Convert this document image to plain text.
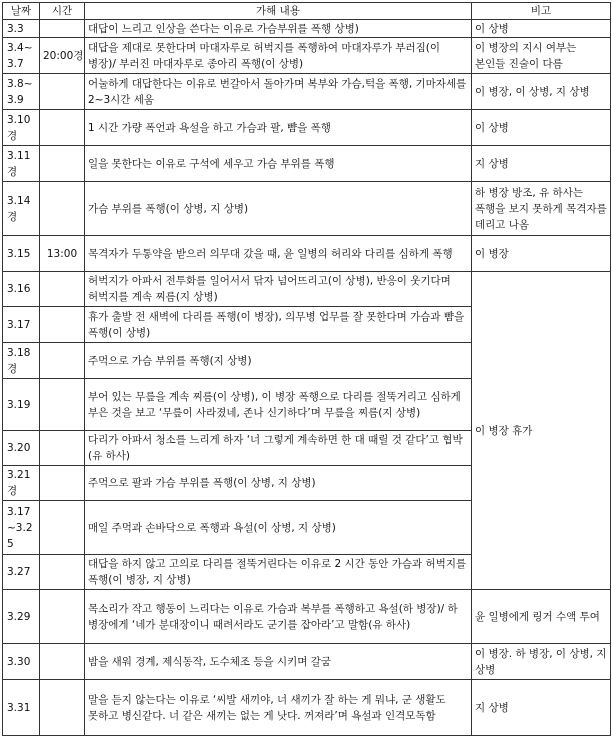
날짜	시간	가해 내용	비고
3.3		대답이 느리고 인상을 쓴다는 이유로 가슴부위를 폭행 상병)	이 상병
3.4~
3.7	20:00경	대답을 제대로 못한다며 마대자루로 허벅지를 폭행하여 마대자루가 부러짐(이 병장)/ 부러진 마대자루로 종아리 폭행(이 상병)	이 병장의 지시 여부는 본인들 진술이 다름
3.8~
3.9		어눌하게 대답한다는 이유로 번갈아서 돌아가며 복부와 가슴,턱을 폭행, 기마자세를 2~3시간 세움	이 병장, 이 상병, 지 상병
3.10
경		1 시간 가량 폭언과 욕설을 하고 가슴과 팔, 뺨을 폭행	이 상병
3.11
경		일을 못한다는 이유로 구석에 세우고 가슴 부위를 폭행	지 상병
3.14
경		가슴 부위를 폭행(이 상병, 지 상병)	하 병장 방조, 유 하사는 폭행을 보지 못하게 목격자를 데리고 나옴
3.15	13:00	목격자가 두통약을 받으러 의무대 갔을 때, 윤 일병의 허리와 다리를 심하게 폭행	이 병장
3.16		허벅지가 아파서 전투화를 일어서서 닦자 넘어뜨리고(이 상병), 반응이 웃기다며 허벅지를 계속 찌름(지 상병)	이 병장 휴가
3.17		휴가 출발 전 새벽에 다리를 폭행(이 병장), 의무병 업무를 잘 못한다며 가슴과 뺨을 폭행(이 상병)	
3.18
경		주먹으로 가슴 부위를 폭행(지 상병)	
3.19		부어 있는 무릎을 계속 찌름(이 상병), 이 병장 폭행으로 다리를 절뚝거리고 심하게 부은 것을 보고 ‘무릎이 사라졌네, 존나 신기하다’며 무릎을 찌름(지 상병)	
3.20		다리가 아파서 청소를 느리게 하자 ‘너 그렇게 계속하면 한 대 때릴 것 같다’고 협박(유 하사)	
3.21
경		주먹으로 팔과 가슴 부위를 폭행(이 상병, 지 상병)	
3.17
~3.2
5		매일 주먹과 손바닥으로 폭행과 욕설(이 상병, 지 상병)	
3.27		대답을 하지 않고 고의로 다리를 절뚝거린다는 이유로 2 시간 동안 가슴과 허벅지를 폭행(이 병장, 지 상병)	
3.29		목소리가 작고 행동이 느리다는 이유로 가슴과 복부를 폭행하고 욕설(하 병장)/ 하 병장에게 ‘네가 분대장이니 때려서라도 군기를 잡아라’고 말함(유 하사)	윤 일병에게 링거 수액 투여
3.30		밤을 새워 경계, 제식동작, 도수체조 등을 시키며 갈굼	이 병장. 하 병장, 이 상병, 지 상병
3.31		말을 듣지 않는다는 이유로 ‘씨발 새끼야, 너 새끼가 잘 하는 게 뭐냐, 군 생활도 못하고 병신같다. 너 같은 새끼는 없는 게 낫다. 꺼져라’며 욕설과 인격모독함	지 상병
